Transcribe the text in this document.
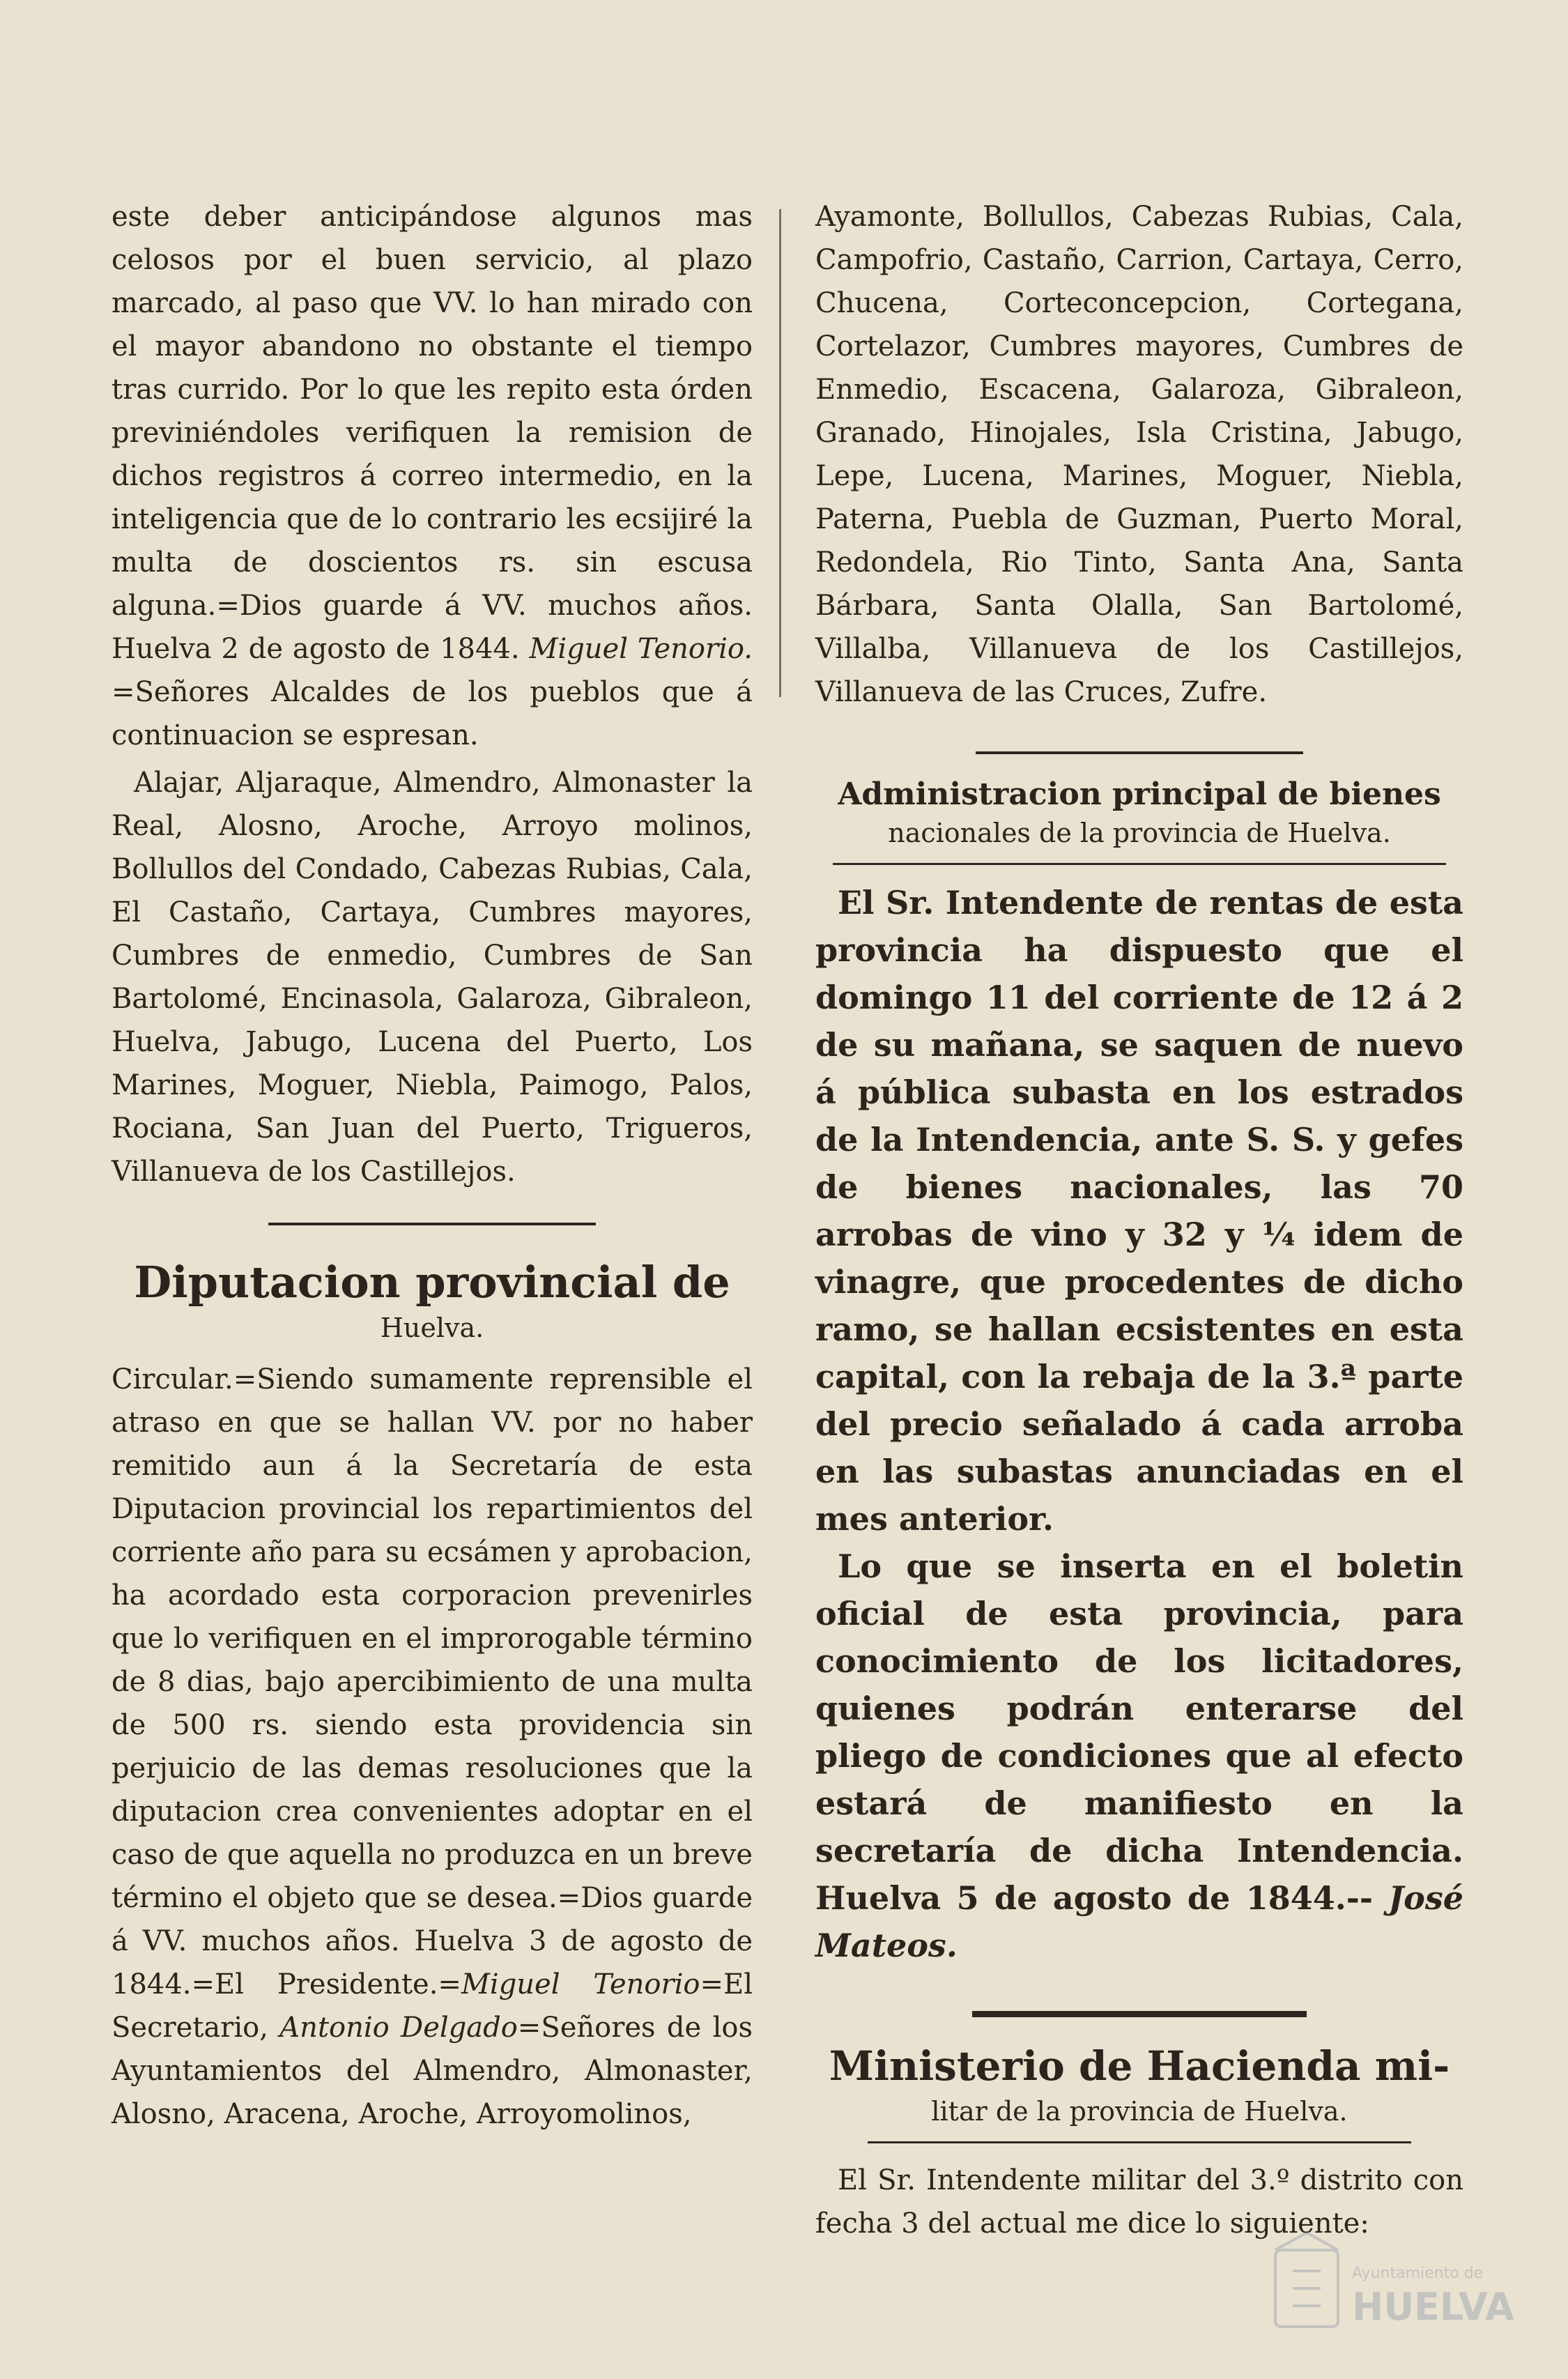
este deber anticipándose algunos mas celosos por el buen servicio, al plazo marcado, al paso que VV. lo han mirado con el mayor abandono no obstante el tiempo tras currido. Por lo que les repito esta órden previniéndoles verifiquen la remision de dichos registros á correo intermedio, en la inteligencia que de lo contrario les ecsijiré la multa de doscientos rs. sin escusa alguna.=Dios guarde á VV. muchos años. Huelva 2 de agosto de 1844. Miguel Tenorio. =Señores Alcaldes de los pueblos que á continuacion se espresan.

Alajar, Aljaraque, Almendro, Almonaster la Real, Alosno, Aroche, Arroyo molinos, Bollullos del Condado, Cabezas Rubias, Cala, El Castaño, Cartaya, Cumbres mayores, Cumbres de enmedio, Cumbres de San Bartolomé, Encinasola, Galaroza, Gibraleon, Huelva, Jabugo, Lucena del Puerto, Los Marines, Moguer, Niebla, Paimogo, Palos, Rociana, San Juan del Puerto, Trigueros, Villanueva de los Castillejos.

Diputacion provincial de
Huelva.

Circular.=Siendo sumamente reprensible el atraso en que se hallan VV. por no haber remitido aun á la Secretaría de esta Diputacion provincial los repartimientos del corriente año para su ecsámen y aprobacion, ha acordado esta corporacion prevenirles que lo verifiquen en el improrogable término de 8 dias, bajo apercibimiento de una multa de 500 rs. siendo esta providencia sin perjuicio de las demas resoluciones que la diputacion crea convenientes adoptar en el caso de que aquella no produzca en un breve término el objeto que se desea.=Dios guarde á VV. muchos años. Huelva 3 de agosto de 1844.=El Presidente.=Miguel Tenorio=El Secretario, Antonio Delgado=Señores de los Ayuntamientos del Almendro, Almonaster, Alosno, Aracena, Aroche, Arroyomolinos,

Ayamonte, Bollullos, Cabezas Rubias, Cala, Campofrio, Castaño, Carrion, Cartaya, Cerro, Chucena, Corteconcepcion, Cortegana, Cortelazor, Cumbres mayores, Cumbres de Enmedio, Escacena, Galaroza, Gibraleon, Granado, Hinojales, Isla Cristina, Jabugo, Lepe, Lucena, Marines, Moguer, Niebla, Paterna, Puebla de Guzman, Puerto Moral, Redondela, Rio Tinto, Santa Ana, Santa Bárbara, Santa Olalla, San Bartolomé, Villalba, Villanueva de los Castillejos, Villanueva de las Cruces, Zufre.

Administracion principal de bienes
nacionales de la provincia de Huelva.

El Sr. Intendente de rentas de esta provincia ha dispuesto que el domingo 11 del corriente de 12 á 2 de su mañana, se saquen de nuevo á pública subasta en los estrados de la Intendencia, ante S. S. y gefes de bienes nacionales, las 70 arrobas de vino y 32 y ¼ idem de vinagre, que procedentes de dicho ramo, se hallan ecsistentes en esta capital, con la rebaja de la 3.ª parte del precio señalado á cada arroba en las subastas anunciadas en el mes anterior.

Lo que se inserta en el boletin oficial de esta provincia, para conocimiento de los licitadores, quienes podrán enterarse del pliego de condiciones que al efecto estará de manifiesto en la secretaría de dicha Intendencia. Huelva 5 de agosto de 1844.-- José Mateos.

Ministerio de Hacienda mi-
litar de la provincia de Huelva.

El Sr. Intendente militar del 3.º distrito con fecha 3 del actual me dice lo siguiente:

Ayuntamiento de
HUELVA
